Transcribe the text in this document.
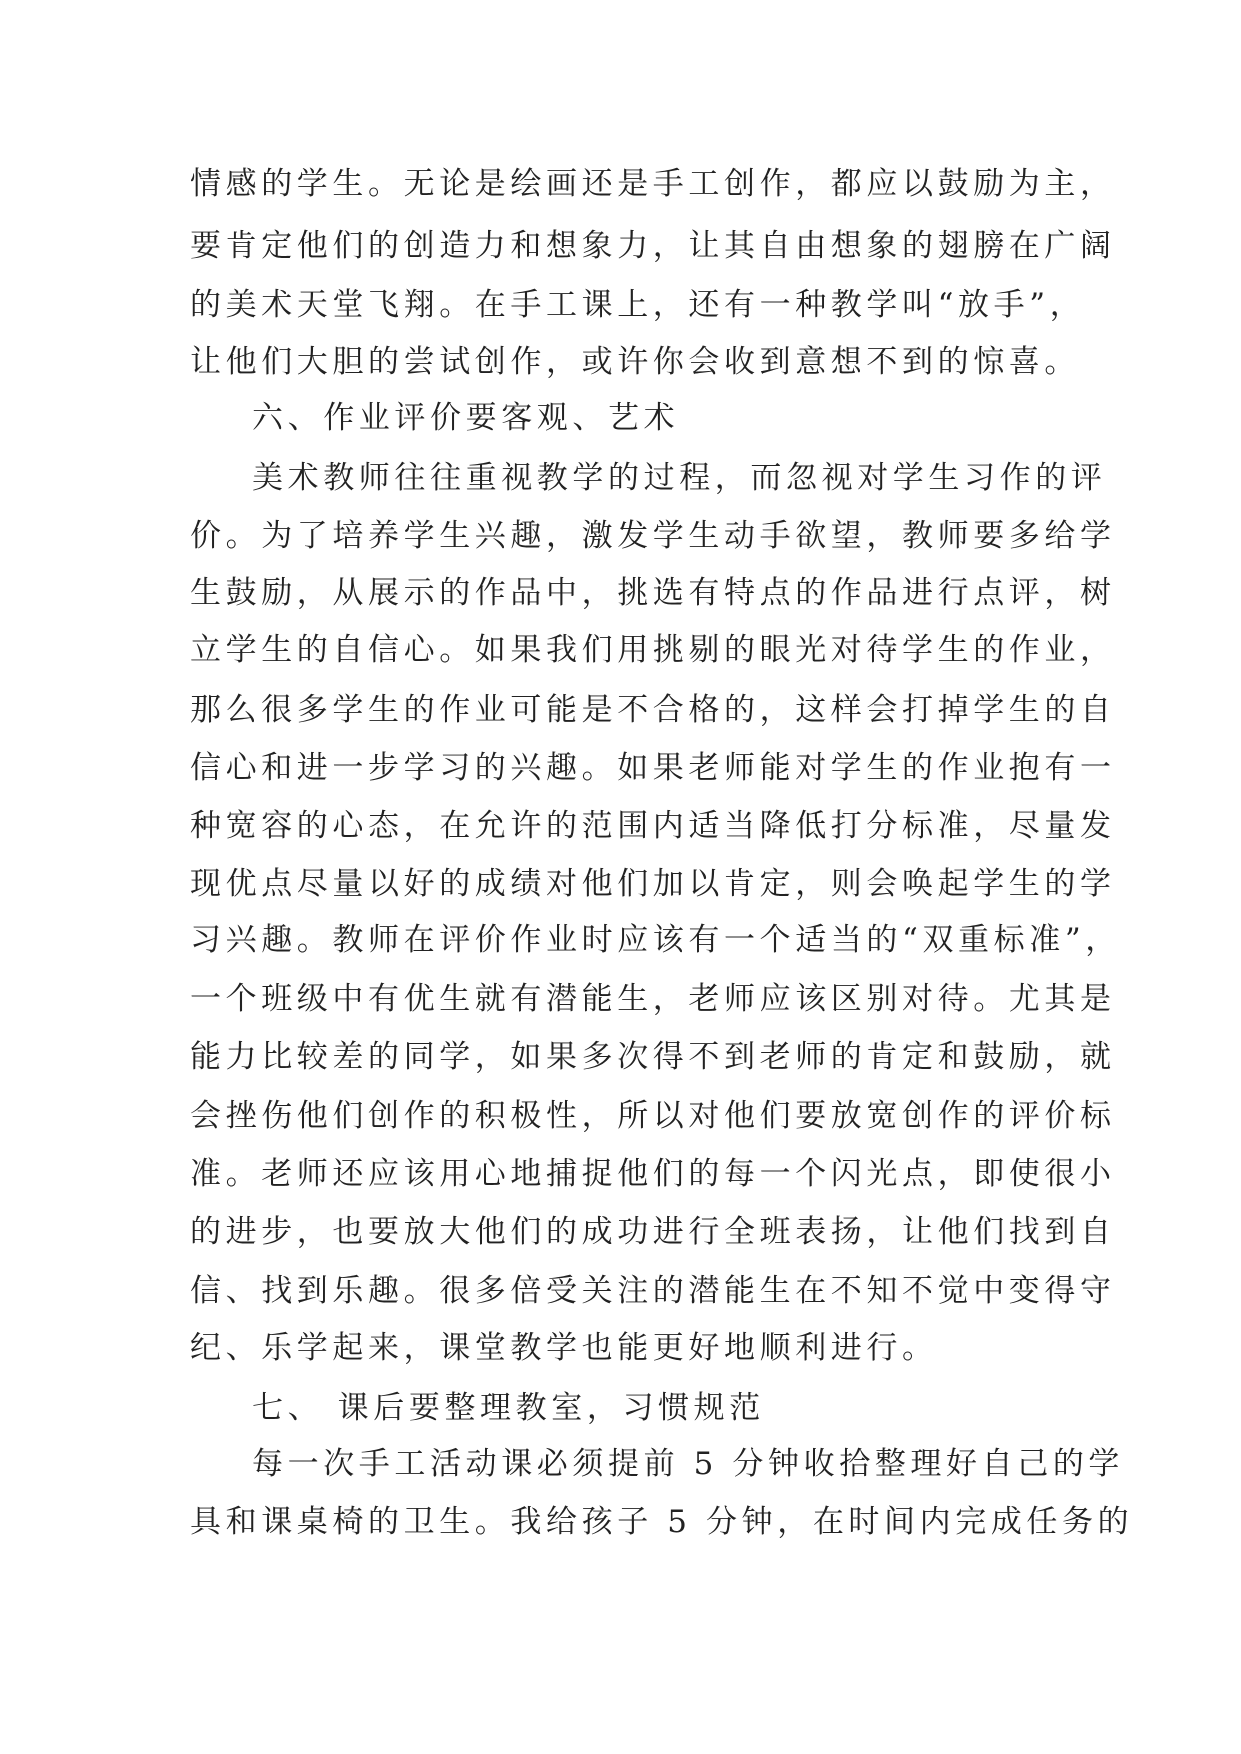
情感的学生。无论是绘画还是手工创作，都应以鼓励为主，
要肯定他们的创造力和想象力，让其自由想象的翅膀在广阔
的美术天堂飞翔。在手工课上，还有一种教学叫“放手”，
让他们大胆的尝试创作，或许你会收到意想不到的惊喜。
六、作业评价要客观、艺术
美术教师往往重视教学的过程，而忽视对学生习作的评
价。为了培养学生兴趣，激发学生动手欲望，教师要多给学
生鼓励，从展示的作品中，挑选有特点的作品进行点评，树
立学生的自信心。如果我们用挑剔的眼光对待学生的作业，
那么很多学生的作业可能是不合格的，这样会打掉学生的自
信心和进一步学习的兴趣。如果老师能对学生的作业抱有一
种宽容的心态，在允许的范围内适当降低打分标准，尽量发
现优点尽量以好的成绩对他们加以肯定，则会唤起学生的学
习兴趣。教师在评价作业时应该有一个适当的“双重标准”，
一个班级中有优生就有潜能生，老师应该区别对待。尤其是
能力比较差的同学，如果多次得不到老师的肯定和鼓励，就
会挫伤他们创作的积极性，所以对他们要放宽创作的评价标
准。老师还应该用心地捕捉他们的每一个闪光点，即使很小
的进步，也要放大他们的成功进行全班表扬，让他们找到自
信、找到乐趣。很多倍受关注的潜能生在不知不觉中变得守
纪、乐学起来，课堂教学也能更好地顺利进行。
七、 课后要整理教室，习惯规范
每一次手工活动课必须提前 5 分钟收拾整理好自己的学
具和课桌椅的卫生。我给孩子 5 分钟，在时间内完成任务的
